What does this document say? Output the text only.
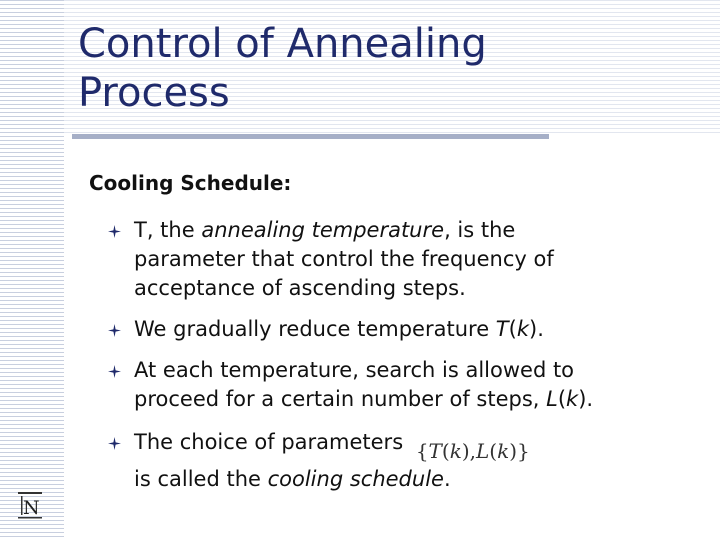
Control of Annealing
Process
Cooling Schedule:
T, the annealing temperature, is the parameter that control the frequency of acceptance of ascending steps.
We gradually reduce temperature T(k).
At each temperature, search is allowed to proceed for a certain number of steps, L(k).
The choice of parameters {T(k),L(k)}
is called the cooling schedule.
N
